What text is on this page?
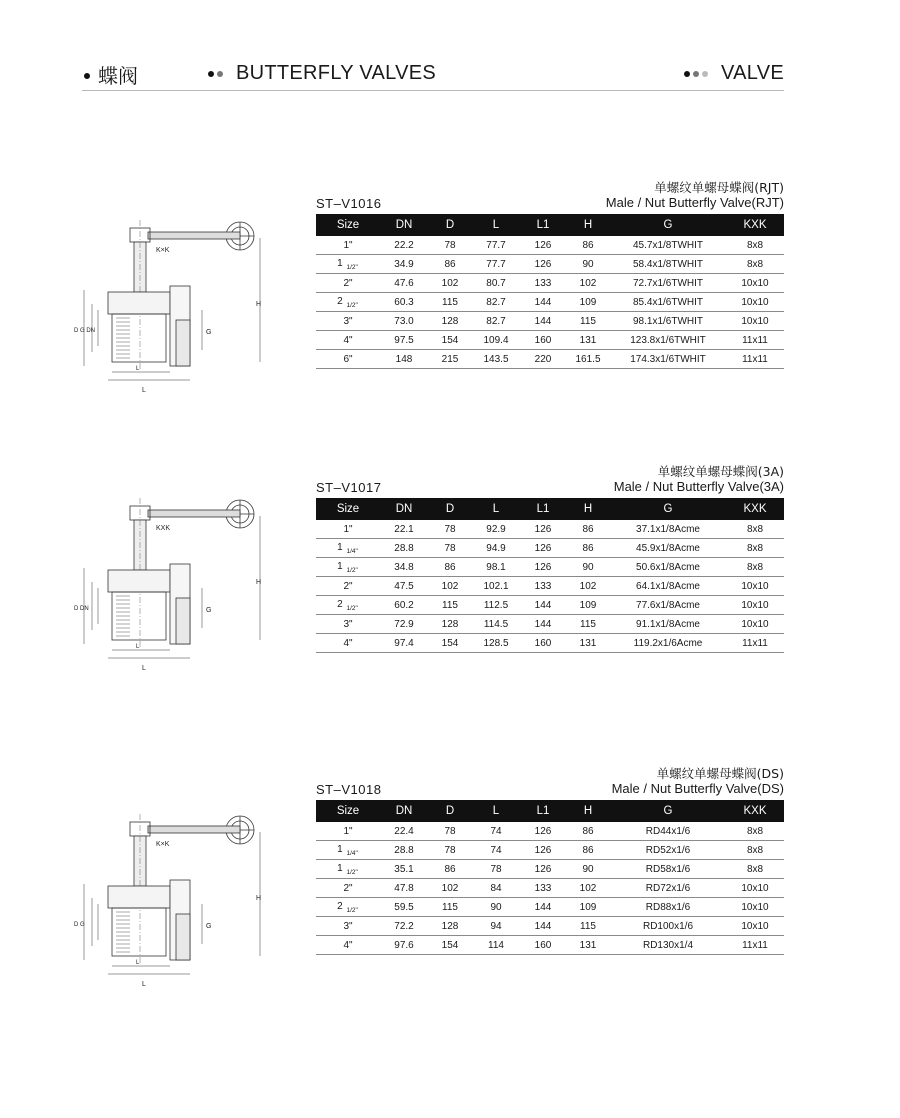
蝶阀	BUTTERFLY VALVES	VALVE
单螺纹单螺母蝶阀(RJT)
ST–V1016	Male / Nut Butterfly Valve(RJT)
K×K
G
H
L
L
D G DN
Size	DN	D	L	L1	H	G	KXK
1"	22.2	78	77.7	126	86	45.7x1/8TWHIT	8x8
1 $_{1/2"}$	34.9	86	77.7	126	90	58.4x1/8TWHIT	8x8
2"	47.6	102	80.7	133	102	72.7x1/6TWHIT	10x10
2 $_{1/2"}$	60.3	115	82.7	144	109	85.4x1/6TWHIT	10x10
3"	73.0	128	82.7	144	115	98.1x1/6TWHIT	10x10
4"	97.5	154	109.4	160	131	123.8x1/6TWHIT	11x11
6"	148	215	143.5	220	161.5	174.3x1/6TWHIT	11x11
单螺纹单螺母蝶阀(3A)
ST–V1017	Male / Nut Butterfly Valve(3A)
KXK
G
H
L
L
D DN
Size	DN	D	L	L1	H	G	KXK
1"	22.1	78	92.9	126	86	37.1x1/8Acme	8x8
1 $_{1/4"}$	28.8	78	94.9	126	86	45.9x1/8Acme	8x8
1 $_{1/2"}$	34.8	86	98.1	126	90	50.6x1/8Acme	8x8
2"	47.5	102	102.1	133	102	64.1x1/8Acme	10x10
2 $_{1/2"}$	60.2	115	112.5	144	109	77.6x1/8Acme	10x10
3"	72.9	128	114.5	144	115	91.1x1/8Acme	10x10
4"	97.4	154	128.5	160	131	119.2x1/6Acme	11x11
单螺纹单螺母蝶阀(DS)
ST–V1018	Male / Nut Butterfly Valve(DS)
K×K
G
H
L
L
D G
Size	DN	D	L	L1	H	G	KXK
1"	22.4	78	74	126	86	RD44x1/6	8x8
1 $_{1/4"}$	28.8	78	74	126	86	RD52x1/6	8x8
1 $_{1/2"}$	35.1	86	78	126	90	RD58x1/6	8x8
2"	47.8	102	84	133	102	RD72x1/6	10x10
2 $_{1/2"}$	59.5	115	90	144	109	RD88x1/6	10x10
3"	72.2	128	94	144	115	RD100x1/6	10x10
4"	97.6	154	114	160	131	RD130x1/4	11x11
